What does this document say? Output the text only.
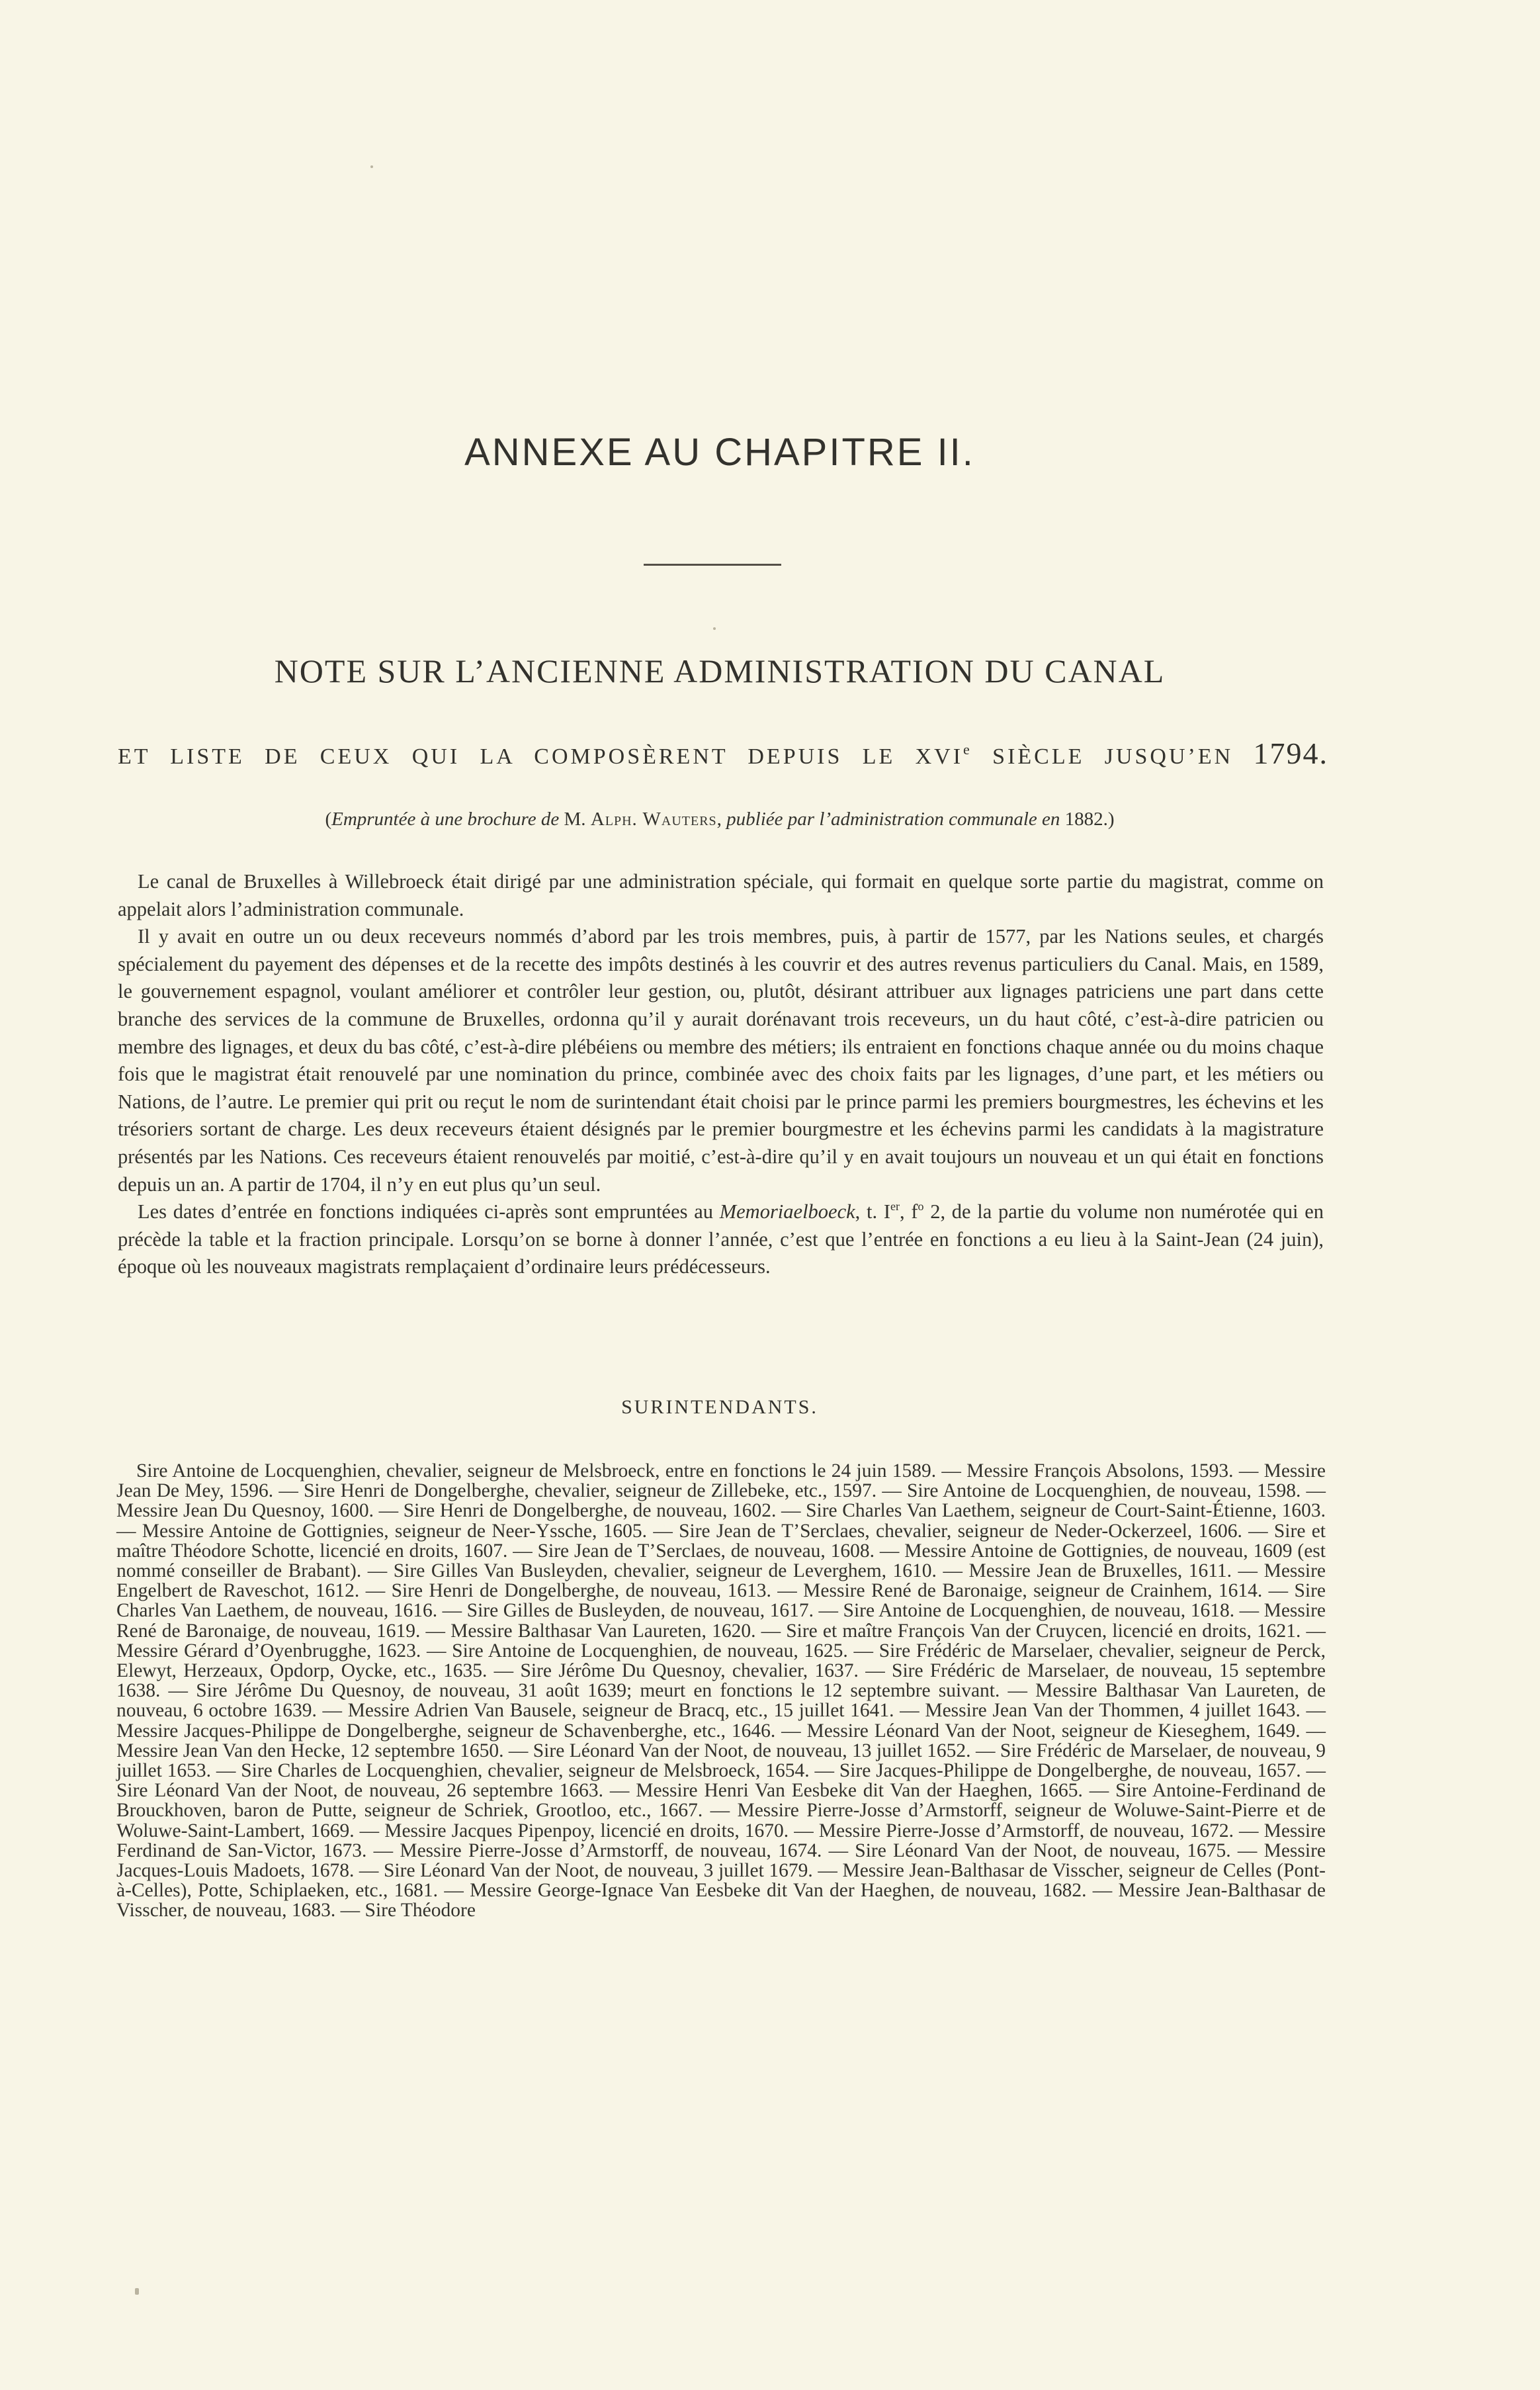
ANNEXE AU CHAPITRE II.
NOTE SUR L’ANCIENNE ADMINISTRATION DU CANAL
ET LISTE DE CEUX QUI LA COMPOSÈRENT DEPUIS LE XVIe SIÈCLE JUSQU’EN 1794.
(Empruntée à une brochure de M. Alph. Wauters, publiée par l’administration communale en 1882.)

Le canal de Bruxelles à Willebroeck était dirigé par une administration spéciale, qui formait en quelque sorte partie du magistrat, comme on appelait alors l’administration communale.

Il y avait en outre un ou deux receveurs nommés d’abord par les trois membres, puis, à partir de 1577, par les Nations seules, et chargés spécialement du payement des dépenses et de la recette des impôts destinés à les couvrir et des autres revenus particuliers du Canal. Mais, en 1589, le gouvernement espagnol, voulant améliorer et contrôler leur gestion, ou, plutôt, désirant attribuer aux lignages patriciens une part dans cette branche des services de la commune de Bruxelles, ordonna qu’il y aurait dorénavant trois receveurs, un du haut côté, c’est-à-dire patricien ou membre des lignages, et deux du bas côté, c’est-à-dire plébéiens ou membre des métiers; ils entraient en fonctions chaque année ou du moins chaque fois que le magistrat était renouvelé par une nomination du prince, combinée avec des choix faits par les lignages, d’une part, et les métiers ou Nations, de l’autre. Le premier qui prit ou reçut le nom de surintendant était choisi par le prince parmi les premiers bourgmestres, les échevins et les trésoriers sortant de charge. Les deux receveurs étaient désignés par le premier bourgmestre et les échevins parmi les candidats à la magistrature présentés par les Nations. Ces receveurs étaient renouvelés par moitié, c’est-à-dire qu’il y en avait toujours un nouveau et un qui était en fonctions depuis un an. A partir de 1704, il n’y en eut plus qu’un seul.

Les dates d’entrée en fonctions indiquées ci-après sont empruntées au Memoriaelboeck, t. Ier, $f^o$ 2, de la partie du volume non numérotée qui en précède la table et la fraction principale. Lorsqu’on se borne à donner l’année, c’est que l’entrée en fonctions a eu lieu à la Saint-Jean (24 juin), époque où les nouveaux magistrats remplaçaient d’ordinaire leurs prédécesseurs.

SURINTENDANTS.

Sire Antoine de Locquenghien, chevalier, seigneur de Melsbroeck, entre en fonctions le 24 juin 1589. — Messire François Absolons, 1593. — Messire Jean De Mey, 1596. — Sire Henri de Dongelberghe, chevalier, seigneur de Zillebeke, etc., 1597. — Sire Antoine de Locquenghien, de nouveau, 1598. — Messire Jean Du Quesnoy, 1600. — Sire Henri de Dongelberghe, de nouveau, 1602. — Sire Charles Van Laethem, seigneur de Court-Saint-Étienne, 1603. — Messire Antoine de Gottignies, seigneur de Neer-Yssche, 1605. — Sire Jean de T’Serclaes, chevalier, seigneur de Neder-Ockerzeel, 1606. — Sire et maître Théodore Schotte, licencié en droits, 1607. — Sire Jean de T’Serclaes, de nouveau, 1608. — Messire Antoine de Gottignies, de nouveau, 1609 (est nommé conseiller de Brabant). — Sire Gilles Van Busleyden, chevalier, seigneur de Leverghem, 1610. — Messire Jean de Bruxelles, 1611. — Messire Engelbert de Raveschot, 1612. — Sire Henri de Dongelberghe, de nouveau, 1613. — Messire René de Baronaige, seigneur de Crainhem, 1614. — Sire Charles Van Laethem, de nouveau, 1616. — Sire Gilles de Busleyden, de nouveau, 1617. — Sire Antoine de Locquenghien, de nouveau, 1618. — Messire René de Baronaige, de nouveau, 1619. — Messire Balthasar Van Laureten, 1620. — Sire et maître François Van der Cruycen, licencié en droits, 1621. — Messire Gérard d’Oyenbrugghe, 1623. — Sire Antoine de Locquenghien, de nouveau, 1625. — Sire Frédéric de Marselaer, chevalier, seigneur de Perck, Elewyt, Herzeaux, Opdorp, Oycke, etc., 1635. — Sire Jérôme Du Quesnoy, chevalier, 1637. — Sire Frédéric de Marselaer, de nouveau, 15 septembre 1638. — Sire Jérôme Du Quesnoy, de nouveau, 31 août 1639; meurt en fonctions le 12 septembre suivant. — Messire Balthasar Van Laureten, de nouveau, 6 octobre 1639. — Messire Adrien Van Bausele, seigneur de Bracq, etc., 15 juillet 1641. — Messire Jean Van der Thommen, 4 juillet 1643. — Messire Jacques-Philippe de Dongelberghe, seigneur de Schavenberghe, etc., 1646. — Messire Léonard Van der Noot, seigneur de Kieseghem, 1649. — Messire Jean Van den Hecke, 12 septembre 1650. — Sire Léonard Van der Noot, de nouveau, 13 juillet 1652. — Sire Frédéric de Marselaer, de nouveau, 9 juillet 1653. — Sire Charles de Locquenghien, chevalier, seigneur de Melsbroeck, 1654. — Sire Jacques-Philippe de Dongelberghe, de nouveau, 1657. — Sire Léonard Van der Noot, de nouveau, 26 septembre 1663. — Messire Henri Van Eesbeke dit Van der Haeghen, 1665. — Sire Antoine-Ferdinand de Brouckhoven, baron de Putte, seigneur de Schriek, Grootloo, etc., 1667. — Messire Pierre-Josse d’Armstorff, seigneur de Woluwe-Saint-Pierre et de Woluwe-Saint-Lambert, 1669. — Messire Jacques Pipenpoy, licencié en droits, 1670. — Messire Pierre-Josse d’Armstorff, de nouveau, 1672. — Messire Ferdinand de San-Victor, 1673. — Messire Pierre-Josse d’Armstorff, de nouveau, 1674. — Sire Léonard Van der Noot, de nouveau, 1675. — Messire Jacques-Louis Madoets, 1678. — Sire Léonard Van der Noot, de nouveau, 3 juillet 1679. — Messire Jean-Balthasar de Visscher, seigneur de Celles (Pont-à-Celles), Potte, Schiplaeken, etc., 1681. — Messire George-Ignace Van Eesbeke dit Van der Haeghen, de nouveau, 1682. — Messire Jean-Balthasar de Visscher, de nouveau, 1683. — Sire Théodore
